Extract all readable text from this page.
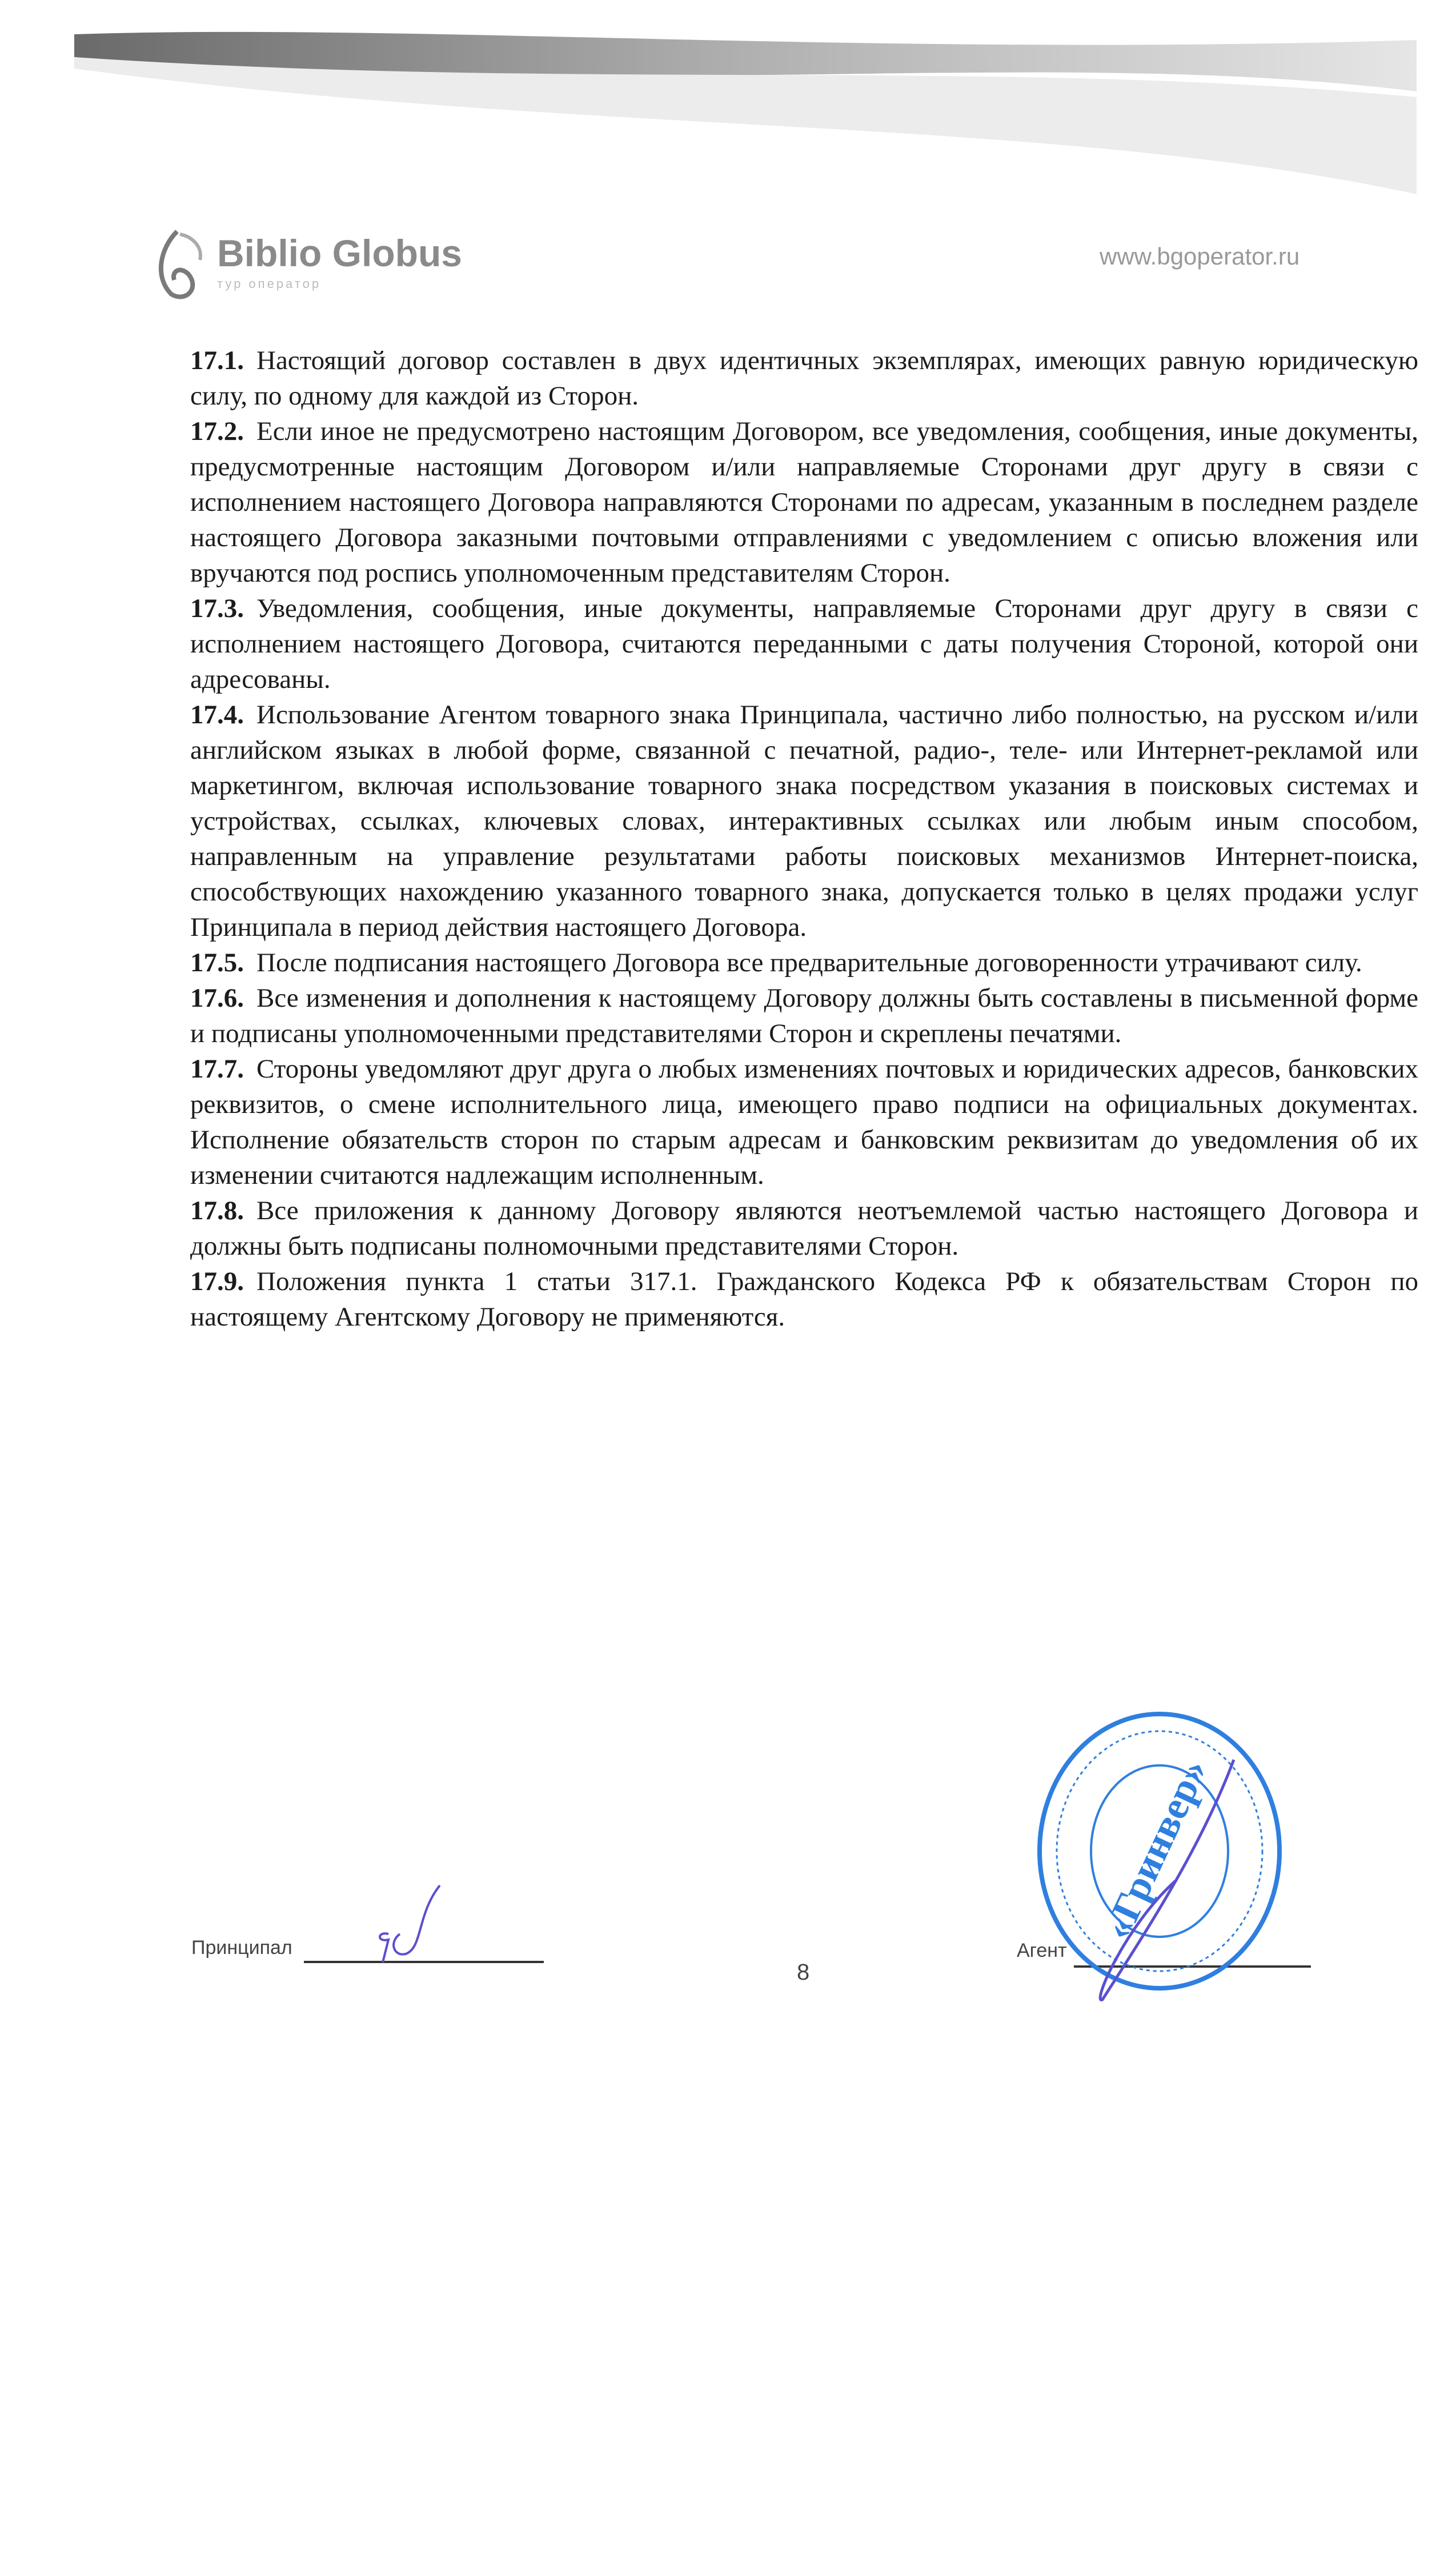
Biblio Globus
тур оператор
www.bgoperator.ru

17.1. Настоящий договор составлен в двух идентичных экземплярах, имеющих равную юридическую силу, по одному для каждой из Сторон.

17.2. Если иное не предусмотрено настоящим Договором, все уведомления, сообщения, иные документы, предусмотренные настоящим Договором и/или направляемые Сторонами друг другу в связи с исполнением настоящего Договора направляются Сторонами по адресам, указанным в последнем разделе настоящего Договора заказными почтовыми отправлениями с уведомлением с описью вложения или вручаются под роспись уполномоченным представителям Сторон.

17.3. Уведомления, сообщения, иные документы, направляемые Сторонами друг другу в связи с исполнением настоящего Договора, считаются переданными с даты получения Стороной, которой они адресованы.

17.4. Использование Агентом товарного знака Принципала, частично либо полностью, на русском и/или английском языках в любой форме, связанной с печатной, радио-, теле- или Интернет-рекламой или маркетингом, включая использование товарного знака посредством указания в поисковых системах и устройствах, ссылках, ключевых словах, интерактивных ссылках или любым иным способом, направленным на управление результатами работы поисковых механизмов Интернет-поиска, способствующих нахождению указанного товарного знака, допускается только в целях продажи услуг Принципала в период действия настоящего Договора.

17.5. После подписания настоящего Договора все предварительные договоренности утрачивают силу.

17.6. Все изменения и дополнения к настоящему Договору должны быть составлены в письменной форме и подписаны уполномоченными представителями Сторон и скреплены печатями.

17.7. Стороны уведомляют друг друга о любых изменениях почтовых и юридических адресов, банковских реквизитов, о смене исполнительного лица, имеющего право подписи на официальных документах. Исполнение обязательств сторон по старым адресам и банковским реквизитам до уведомления об их изменении считаются надлежащим исполненным.

17.8. Все приложения к данному Договору являются неотъемлемой частью настоящего Договора и должны быть подписаны полномочными представителями Сторон.

17.9. Положения пункта 1 статьи 317.1. Гражданского Кодекса РФ к обязательствам Сторон по настоящему Агентскому Договору не применяются.

Принципал	Агент
«Гринвер»
8
